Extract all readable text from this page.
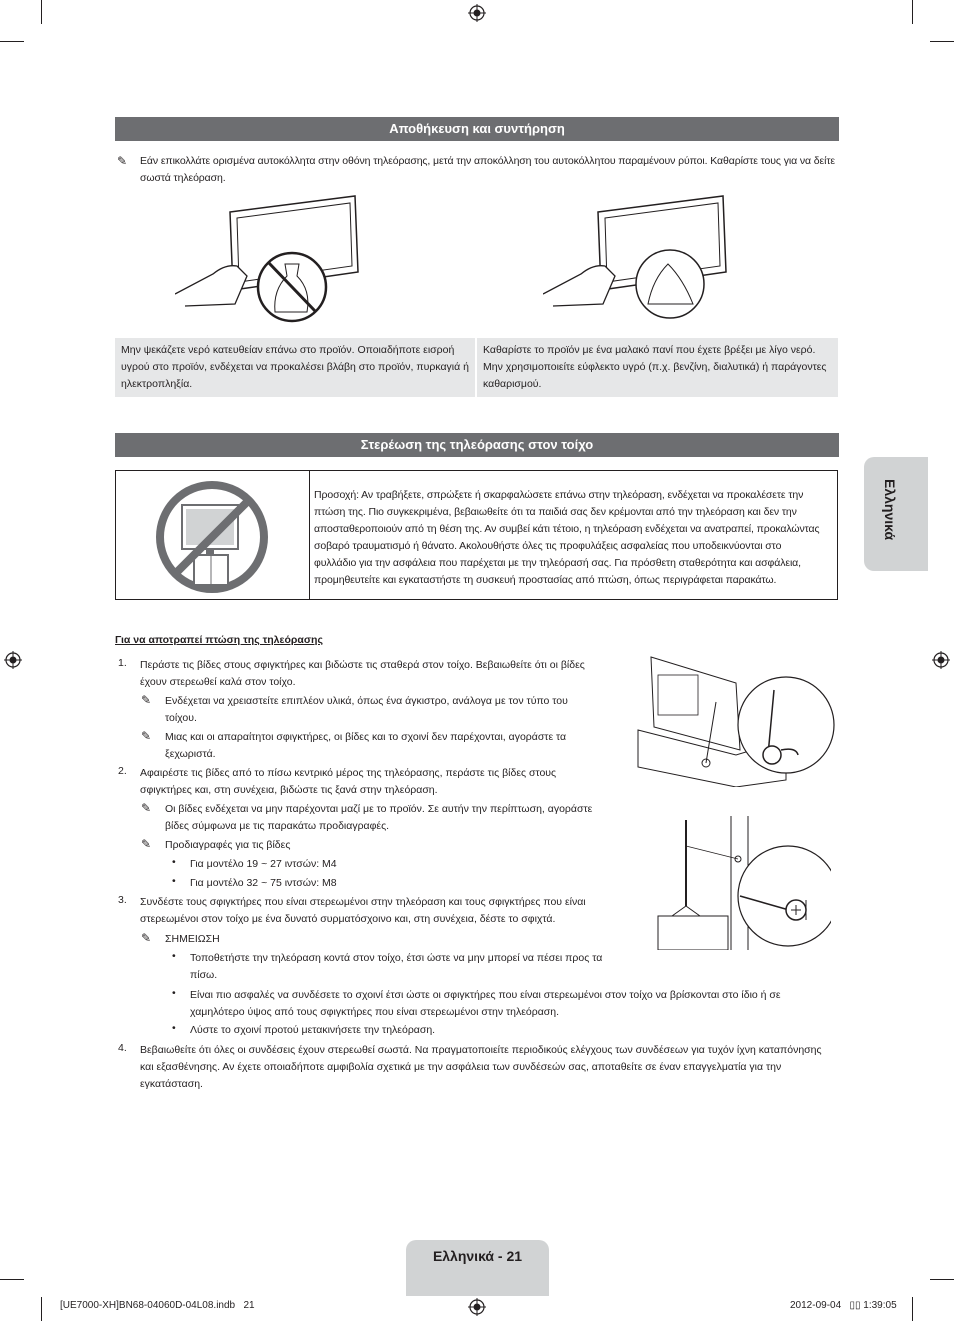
Αποθήκευση και συντήρηση
✎ Εάν επικολλάτε ορισμένα αυτοκόλλητα στην οθόνη τηλεόρασης, μετά την αποκόλληση του αυτοκόλλητου παραμένουν ρύποι. Καθαρίστε τους για να δείτε σωστά τηλεόραση.
Μην ψεκάζετε νερό κατευθείαν επάνω στο προϊόν. Οποιαδήποτε εισροή υγρού στο προϊόν, ενδέχεται να προκαλέσει βλάβη στο προϊόν, πυρκαγιά ή ηλεκτροπληξία.
Καθαρίστε το προϊόν με ένα μαλακό πανί που έχετε βρέξει με λίγο νερό. Μην χρησιμοποιείτε εύφλεκτο υγρό (π.χ. βενζίνη, διαλυτικά) ή παράγοντες καθαρισμού.
Στερέωση της τηλεόρασης στον τοίχο
Προσοχή: Αν τραβήξετε, σπρώξετε ή σκαρφαλώσετε επάνω στην τηλεόραση, ενδέχεται να προκαλέσετε την πτώση της. Πιο συγκεκριμένα, βεβαιωθείτε ότι τα παιδιά σας δεν κρέμονται από την τηλεόραση και δεν την αποσταθεροποιούν από τη θέση της. Αν συμβεί κάτι τέτοιο, η τηλεόραση ενδέχεται να ανατραπεί, προκαλώντας σοβαρό τραυματισμό ή θάνατο. Ακολουθήστε όλες τις προφυλάξεις ασφαλείας που υποδεικνύονται στο φυλλάδιο για την ασφάλεια που παρέχεται με την τηλεόρασή σας. Για πρόσθετη σταθερότητα και ασφάλεια, προμηθευτείτε και εγκαταστήστε τη συσκευή προστασίας από πτώση, όπως περιγράφεται παρακάτω.
Ελληνικά
Για να αποτραπεί πτώση της τηλεόρασης
1. Περάστε τις βίδες στους σφιγκτήρες και βιδώστε τις σταθερά στον τοίχο. Βεβαιωθείτε ότι οι βίδες έχουν στερεωθεί καλά στον τοίχο.
✎ Ενδέχεται να χρειαστείτε επιπλέον υλικά, όπως ένα άγκιστρο, ανάλογα με τον τύπο του τοίχου.
✎ Μιας και οι απαραίτητοι σφιγκτήρες, οι βίδες και το σχοινί δεν παρέχονται, αγοράστε τα ξεχωριστά.
2. Αφαιρέστε τις βίδες από το πίσω κεντρικό μέρος της τηλεόρασης, περάστε τις βίδες στους σφιγκτήρες και, στη συνέχεια, βιδώστε τις ξανά στην τηλεόραση.
✎ Οι βίδες ενδέχεται να μην παρέχονται μαζί με το προϊόν. Σε αυτήν την περίπτωση, αγοράστε βίδες σύμφωνα με τις παρακάτω προδιαγραφές.
✎ Προδιαγραφές για τις βίδες
• Για μοντέλο 19 ~ 27 ιντσών: M4
• Για μοντέλο 32 ~ 75 ιντσών: M8
3. Συνδέστε τους σφιγκτήρες που είναι στερεωμένοι στην τηλεόραση και τους σφιγκτήρες που είναι στερεωμένοι στον τοίχο με ένα δυνατό συρματόσχοινο και, στη συνέχεια, δέστε το σφιχτά.
✎ ΣΗΜΕΙΩΣΗ
• Τοποθετήστε την τηλεόραση κοντά στον τοίχο, έτσι ώστε να μην μπορεί να πέσει προς τα πίσω.
• Είναι πιο ασφαλές να συνδέσετε το σχοινί έτσι ώστε οι σφιγκτήρες που είναι στερεωμένοι στον τοίχο να βρίσκονται στο ίδιο ή σε χαμηλότερο ύψος από τους σφιγκτήρες που είναι στερεωμένοι στην τηλεόραση.
• Λύστε το σχοινί προτού μετακινήσετε την τηλεόραση.
4. Βεβαιωθείτε ότι όλες οι συνδέσεις έχουν στερεωθεί σωστά. Να πραγματοποιείτε περιοδικούς ελέγχους των συνδέσεων για τυχόν ίχνη καταπόνησης και εξασθένησης. Αν έχετε οποιαδήποτε αμφιβολία σχετικά με την ασφάλεια των συνδέσεών σας, αποταθείτε σε έναν επαγγελματία για την εγκατάσταση.
Ελληνικά - 21
[UE7000-XH]BN68-04060D-04L08.indb   21	2012-09-04   ▯▯ 1:39:05
